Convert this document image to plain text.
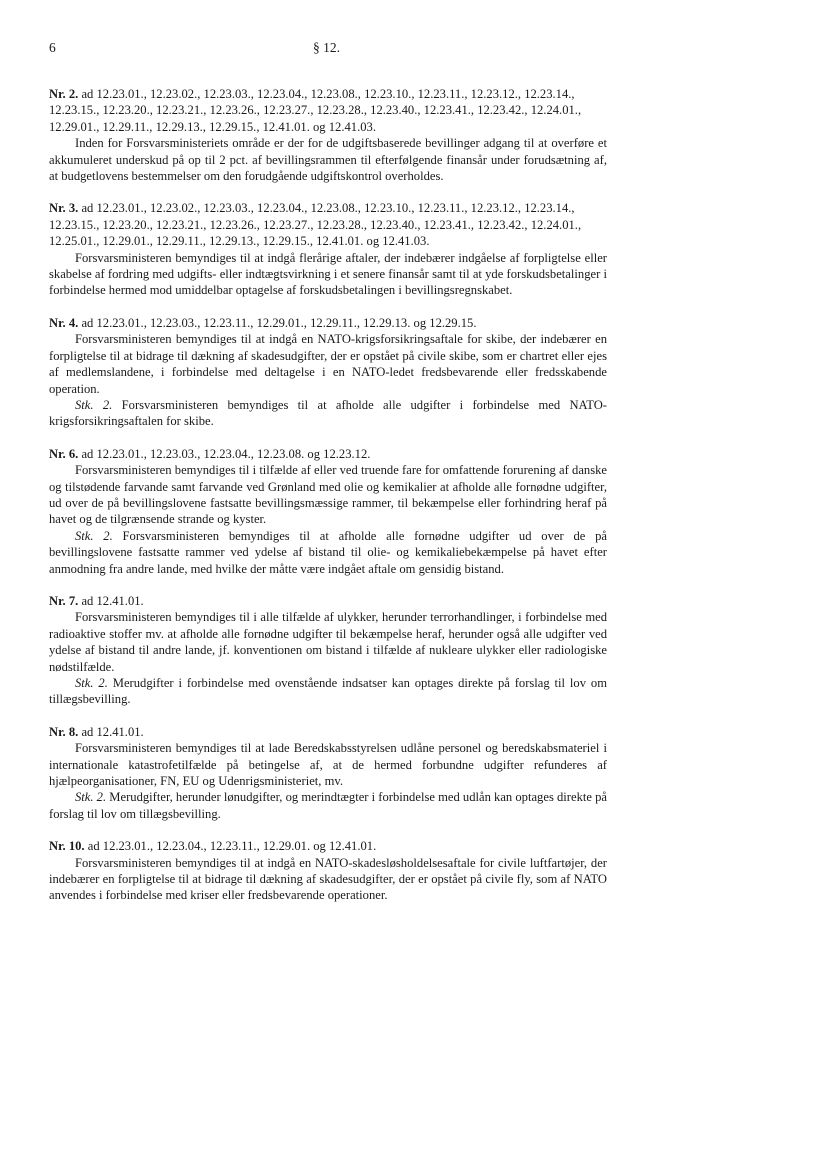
6	§ 12.

Nr. 2. ad 12.23.01., 12.23.02., 12.23.03., 12.23.04., 12.23.08., 12.23.10., 12.23.11., 12.23.12., 12.23.14., 12.23.15., 12.23.20., 12.23.21., 12.23.26., 12.23.27., 12.23.28., 12.23.40., 12.23.41., 12.23.42., 12.24.01., 12.29.01., 12.29.11., 12.29.13., 12.29.15., 12.41.01. og 12.41.03.

Inden for Forsvarsministeriets område er der for de udgiftsbaserede bevillinger adgang til at overføre et akkumuleret underskud på op til 2 pct. af bevillingsrammen til efterfølgende finansår under forudsætning af, at budgetlovens bestemmelser om den forudgående udgiftskontrol overholdes.

Nr. 3. ad 12.23.01., 12.23.02., 12.23.03., 12.23.04., 12.23.08., 12.23.10., 12.23.11., 12.23.12., 12.23.14., 12.23.15., 12.23.20., 12.23.21., 12.23.26., 12.23.27., 12.23.28., 12.23.40., 12.23.41., 12.23.42., 12.24.01., 12.25.01., 12.29.01., 12.29.11., 12.29.13., 12.29.15., 12.41.01. og 12.41.03.

Forsvarsministeren bemyndiges til at indgå flerårige aftaler, der indebærer indgåelse af forpligtelse eller skabelse af fordring med udgifts- eller indtægtsvirkning i et senere finansår samt til at yde forskudsbetalinger i forbindelse hermed mod umiddelbar optagelse af forskudsbetalingen i bevillingsregnskabet.

Nr. 4. ad 12.23.01., 12.23.03., 12.23.11., 12.29.01., 12.29.11., 12.29.13. og 12.29.15.

Forsvarsministeren bemyndiges til at indgå en NATO-krigsforsikringsaftale for skibe, der indebærer en forpligtelse til at bidrage til dækning af skadesudgifter, der er opstået på civile skibe, som er chartret eller ejes af medlemslandene, i forbindelse med deltagelse i en NATO-ledet fredsbevarende eller fredsskabende operation.

Stk. 2. Forsvarsministeren bemyndiges til at afholde alle udgifter i forbindelse med NATO-krigsforsikringsaftalen for skibe.

Nr. 6. ad 12.23.01., 12.23.03., 12.23.04., 12.23.08. og 12.23.12.

Forsvarsministeren bemyndiges til i tilfælde af eller ved truende fare for omfattende forurening af danske og tilstødende farvande samt farvande ved Grønland med olie og kemikalier at afholde alle fornødne udgifter, ud over de på bevillingslovene fastsatte bevillingsmæssige rammer, til bekæmpelse eller forhindring heraf på havet og de tilgrænsende strande og kyster.

Stk. 2. Forsvarsministeren bemyndiges til at afholde alle fornødne udgifter ud over de på bevillingslovene fastsatte rammer ved ydelse af bistand til olie- og kemikaliebekæmpelse på havet efter anmodning fra andre lande, med hvilke der måtte være indgået aftale om gensidig bistand.

Nr. 7. ad 12.41.01.

Forsvarsministeren bemyndiges til i alle tilfælde af ulykker, herunder terrorhandlinger, i forbindelse med radioaktive stoffer mv. at afholde alle fornødne udgifter til bekæmpelse heraf, herunder også alle udgifter ved ydelse af bistand til andre lande, jf. konventionen om bistand i tilfælde af nukleare ulykker eller radiologiske nødstilfælde.

Stk. 2. Merudgifter i forbindelse med ovenstående indsatser kan optages direkte på forslag til lov om tillægsbevilling.

Nr. 8. ad 12.41.01.

Forsvarsministeren bemyndiges til at lade Beredskabsstyrelsen udlåne personel og beredskabsmateriel i internationale katastrofetilfælde på betingelse af, at de hermed forbundne udgifter refunderes af hjælpeorganisationer, FN, EU og Udenrigsministeriet, mv.

Stk. 2. Merudgifter, herunder lønudgifter, og merindtægter i forbindelse med udlån kan optages direkte på forslag til lov om tillægsbevilling.

Nr. 10. ad 12.23.01., 12.23.04., 12.23.11., 12.29.01. og 12.41.01.

Forsvarsministeren bemyndiges til at indgå en NATO-skadesløsholdelsesaftale for civile luftfartøjer, der indebærer en forpligtelse til at bidrage til dækning af skadesudgifter, der er opstået på civile fly, som af NATO anvendes i forbindelse med kriser eller fredsbevarende operationer.
